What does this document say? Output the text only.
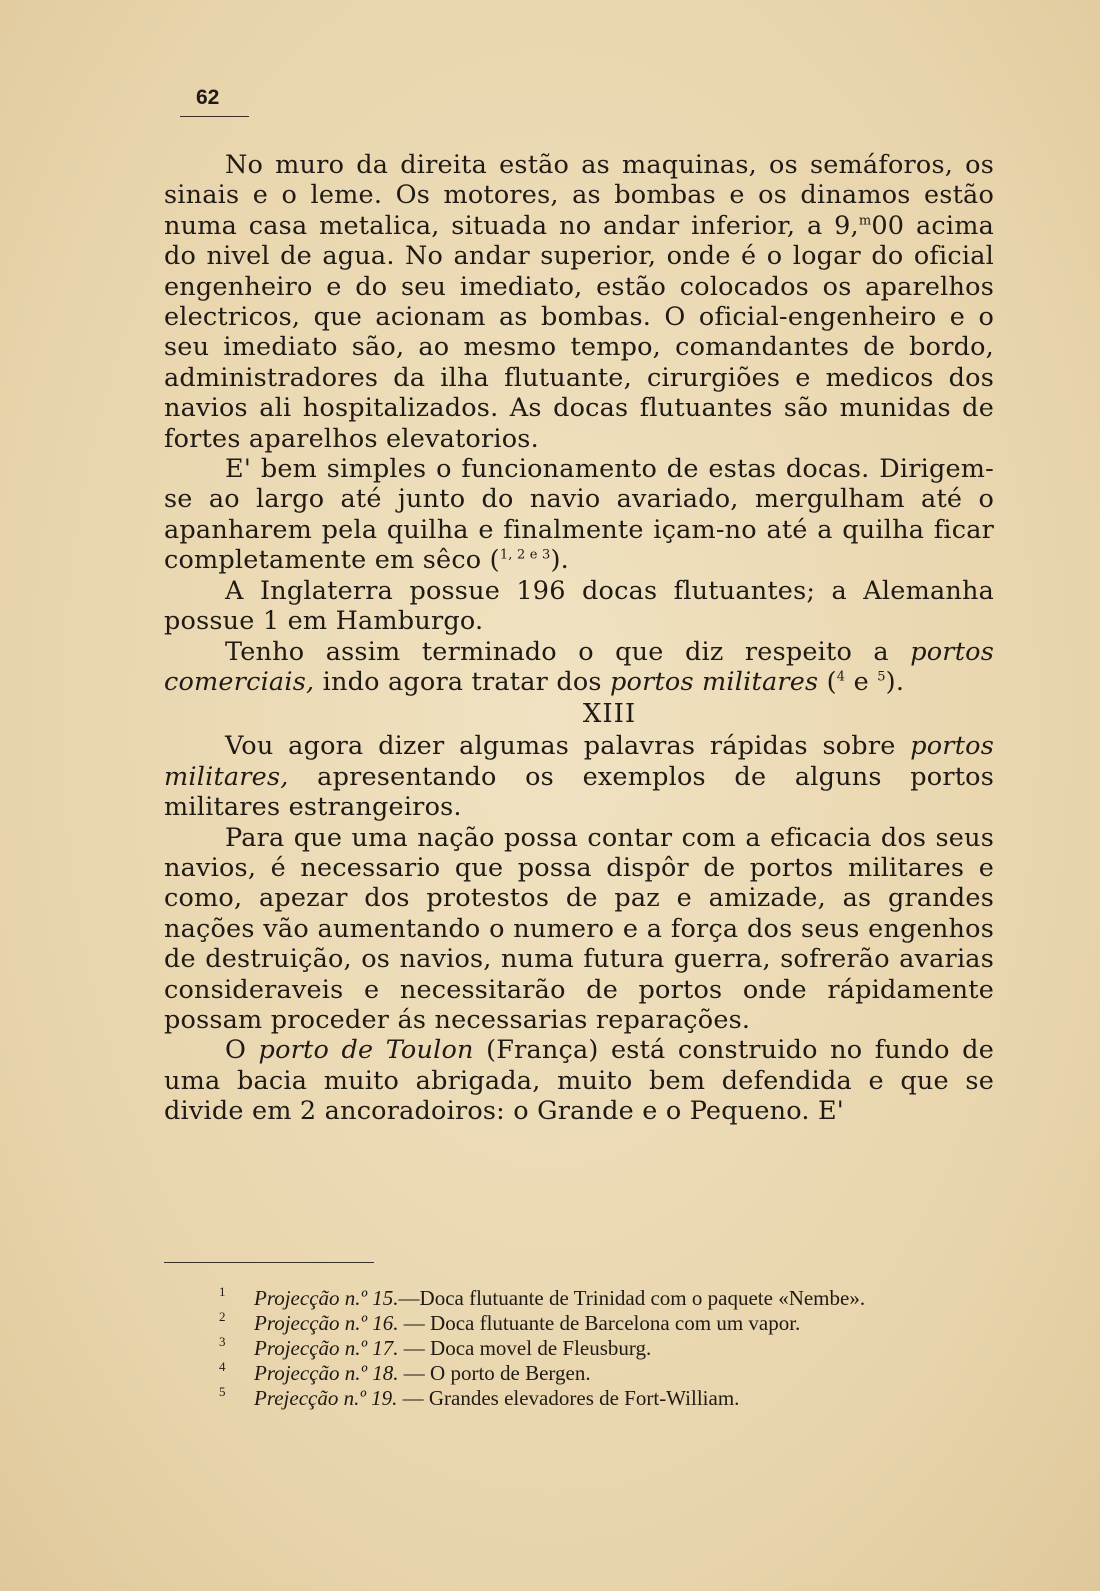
62

No muro da direita estão as maquinas, os semáforos, os sinais e o leme. Os motores, as bombas e os dinamos estão numa casa metalica, situada no andar inferior, a 9,$^m$00 acima do nivel de agua. No andar superior, onde é o logar do oficial engenheiro e do seu imediato, estão colocados os aparelhos electricos, que acionam as bombas. O oficial-engenheiro e o seu imediato são, ao mesmo tempo, comandantes de bordo, administradores da ilha flutuante, cirurgiões e medicos dos navios ali hospitalizados. As docas flutuantes são munidas de fortes aparelhos elevatorios.

E' bem simples o funcionamento de estas docas. Dirigem-se ao largo até junto do navio avariado, mergulham até o apanharem pela quilha e finalmente içam-no até a quilha ficar completamente em sêco ($^{1, 2 e 3}$).

A Inglaterra possue 196 docas flutuantes; a Alemanha possue 1 em Hamburgo.

Tenho assim terminado o que diz respeito a portos comerciais, indo agora tratar dos portos militares ($^4$ e $^5$).

XIII

Vou agora dizer algumas palavras rápidas sobre portos militares, apresentando os exemplos de alguns portos militares estrangeiros.

Para que uma nação possa contar com a eficacia dos seus navios, é necessario que possa dispôr de portos militares e como, apezar dos protestos de paz e amizade, as grandes nações vão aumentando o numero e a força dos seus engenhos de destruição, os navios, numa futura guerra, sofrerão avarias consideraveis e necessitarão de portos onde rápidamente possam proceder ás necessarias reparações.

O porto de Toulon (França) está construido no fundo de uma bacia muito abrigada, muito bem defendida e que se divide em 2 ancoradoiros: o Grande e o Pequeno. E'

1 Projecção n.º 15.—Doca flutuante de Trinidad com o paquete «Nembe».

2 Projecção n.º 16. — Doca flutuante de Barcelona com um vapor.

3 Projecção n.º 17. — Doca movel de Fleusburg.

4 Projecção n.º 18. — O porto de Bergen.

5 Prejecção n.º 19. — Grandes elevadores de Fort-William.
